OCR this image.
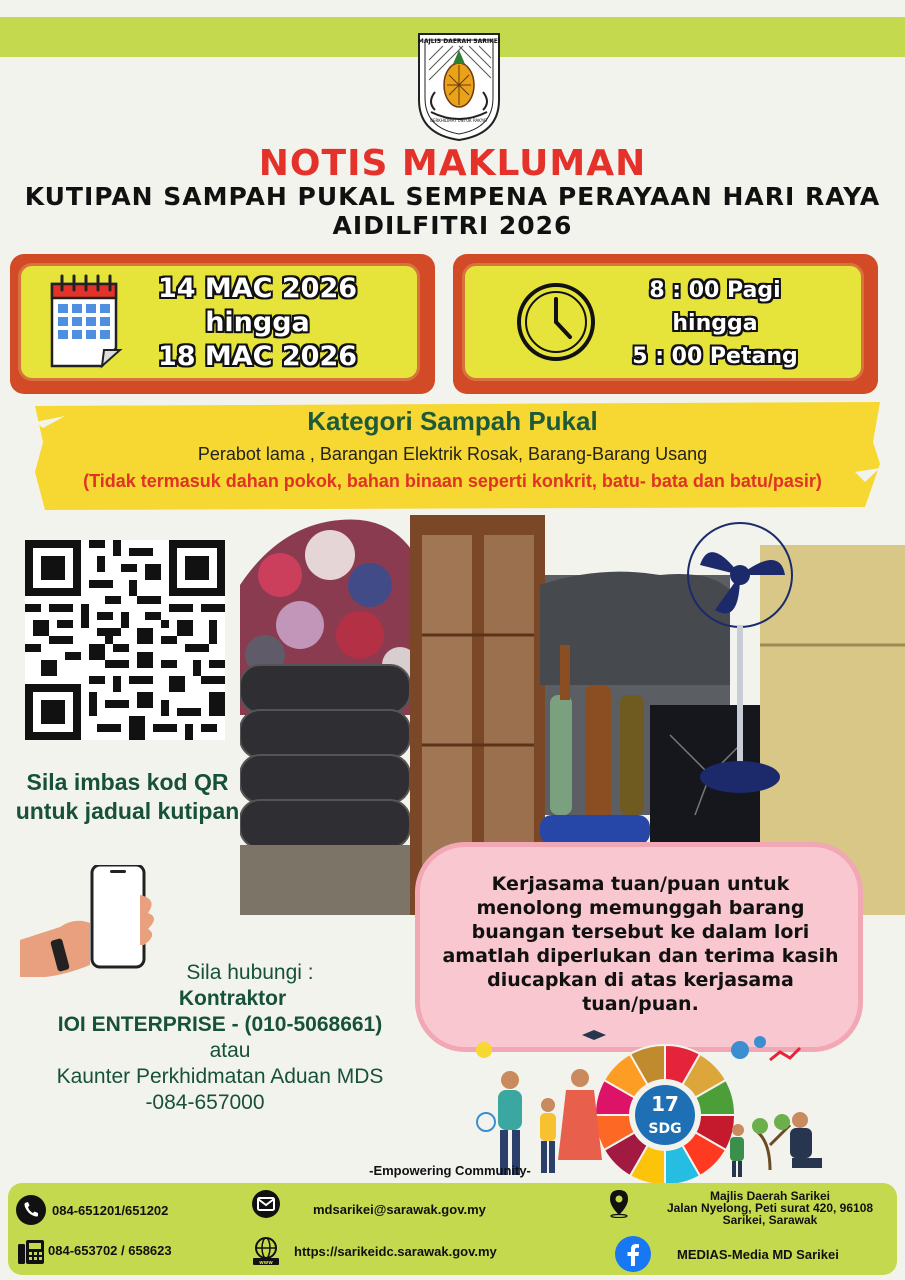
MAJLIS DAERAH SARIKEI
BERKHIDMAT UNTUK RAKYAT
NOTIS MAKLUMAN
KUTIPAN SAMPAH PUKAL SEMPENA PERAYAAN HARI RAYA AIDILFITRI 2026
14 MAC 2026
hingga
18 MAC 2026
8 : 00 Pagi
hingga
5 : 00 Petang
Kategori Sampah Pukal
Perabot lama , Barangan Elektrik Rosak, Barang-Barang Usang
(Tidak termasuk dahan pokok, bahan binaan seperti konkrit, batu- bata dan batu/pasir)
Sila imbas kod QR untuk jadual kutipan
Kerjasama tuan/puan untuk menolong memunggah barang buangan tersebut ke dalam lori amatlah diperlukan dan terima kasih diucapkan di atas kerjasama tuan/puan.
Sila hubungi :
Kontraktor
IOI ENTERPRISE - (010-5068661)
atau
Kaunter Perkhidmatan Aduan MDS
-084-657000	17
SDG
-Empowering Community-
084-651201/651202
084-653702 / 658623
mdsarikei@sarawak.gov.my
www
https://sarikeidc.sarawak.gov.my
Majlis Daerah Sarikei
Jalan Nyelong, Peti surat 420, 96108
Sarikei, Sarawak
MEDIAS-Media MD Sarikei
